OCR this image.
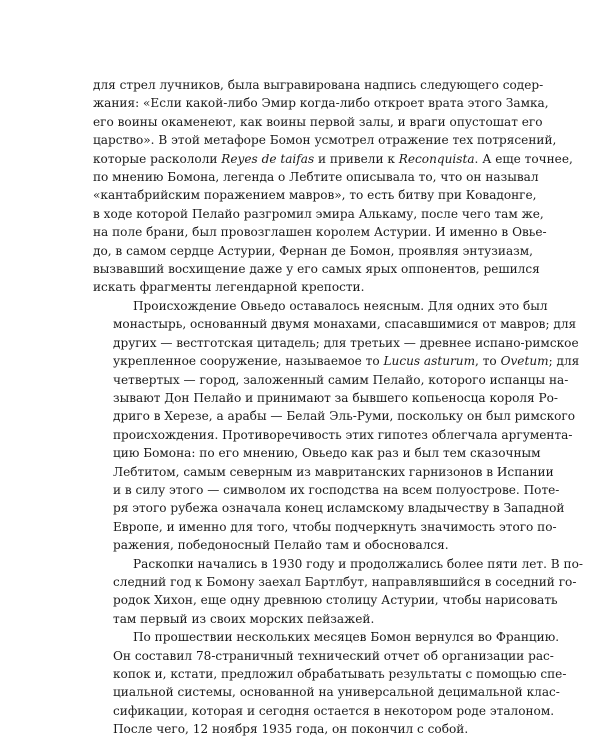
для стрел лучников, была выгравирована надпись следующего содер-
жания: «Если какой-либо Эмир когда-либо откроет врата этого Замка,
его воины окаменеют, как воины первой залы, и враги опустошат его
царство». В этой метафоре Бомон усмотрел отражение тех потрясений,
которые раскололи Reyes de taifas и привели к Reconquista. А еще точнее,
по мнению Бомона, легенда о Лебтите описывала то, что он называл
«кантабрийским поражением мавров», то есть битву при Ковадонге,
в ходе которой Пелайо разгромил эмира Алькаму, после чего там же,
на поле брани, был провозглашен королем Астурии. И именно в Овье-
до, в самом сердце Астурии, Фернан де Бомон, проявляя энтузиазм,
вызвавший восхищение даже у его самых ярых оппонентов, решился
искать фрагменты легендарной крепости.
Происхождение Овьедо оставалось неясным. Для одних это был
монастырь, основанный двумя монахами, спасавшимися от мавров; для
других — вестготская цитадель; для третьих — древнее испано-римское
укрепленное сооружение, называемое то Lucus asturum, то Ovetum; для
четвертых — город, заложенный самим Пелайо, которого испанцы на-
зывают Дон Пелайо и принимают за бывшего копьеносца короля Ро-
дриго в Херезе, а арабы — Белай Эль-Руми, поскольку он был римского
происхождения. Противоречивость этих гипотез облегчала аргумента-
цию Бомона: по его мнению, Овьедо как раз и был тем сказочным
Лебтитом, самым северным из мавританских гарнизонов в Испании
и в силу этого — символом их господства на всем полуострове. Поте-
ря этого рубежа означала конец исламскому владычеству в Западной
Европе, и именно для того, чтобы подчеркнуть значимость этого по-
ражения, победоносный Пелайо там и обосновался.
Раскопки начались в 1930 году и продолжались более пяти лет. В по-
следний год к Бомону заехал Бартлбут, направлявшийся в соседний го-
родок Хихон, еще одну древнюю столицу Астурии, чтобы нарисовать
там первый из своих морских пейзажей.
По прошествии нескольких месяцев Бомон вернулся во Францию.
Он составил 78-страничный технический отчет об организации рас-
копок и, кстати, предложил обрабатывать результаты с помощью спе-
циальной системы, основанной на универсальной децимальной клас-
сификации, которая и сегодня остается в некотором роде эталоном.
После чего, 12 ноября 1935 года, он покончил с собой.
